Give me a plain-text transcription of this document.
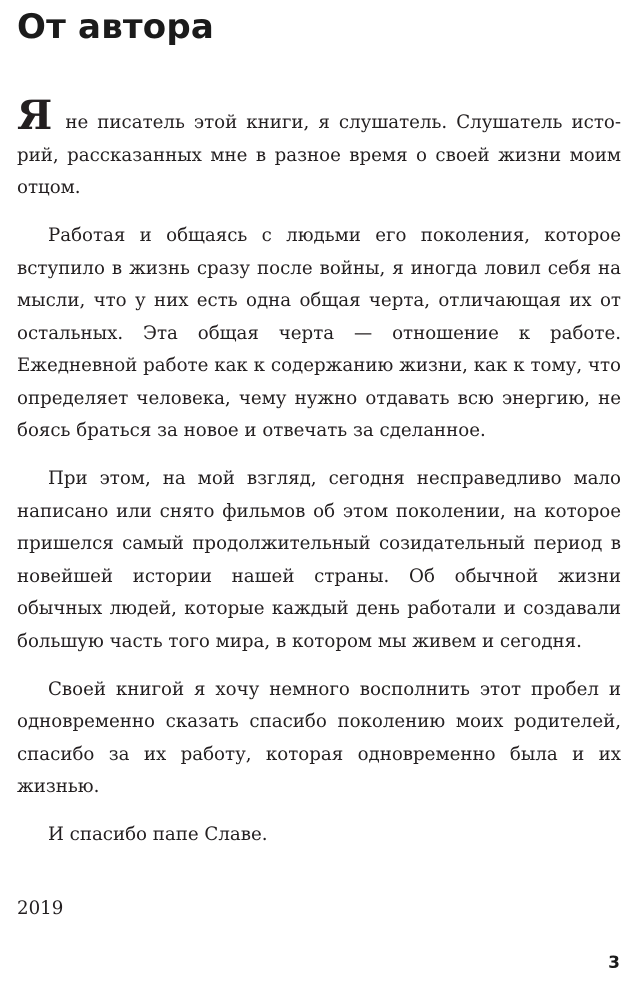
От автора

Я не писатель этой книги, я слушатель. Слушатель историй, рассказанных мне в разное время о своей жизни моим отцом.

Работая и общаясь с людьми его поколения, которое вступило в жизнь сразу после войны, я иногда ловил себя на мысли, что у них есть одна общая черта, отличающая их от остальных. Эта общая черта — отношение к работе. Ежедневной работе как к содержанию жизни, как к тому, что определяет человека, чему нужно отдавать всю энергию, не боясь браться за новое и отвечать за сделанное.

При этом, на мой взгляд, сегодня несправедливо мало написано или снято фильмов об этом поколении, на которое пришелся самый продолжительный созидательный период в новейшей истории нашей страны. Об обычной жизни обычных людей, которые каждый день работали и создавали большую часть того мира, в котором мы живем и сегодня.

Своей книгой я хочу немного восполнить этот пробел и одновременно сказать спасибо поколению моих родителей, спасибо за их работу, которая одновременно была и их жизнью.

И спасибо папе Славе.

2019
3
